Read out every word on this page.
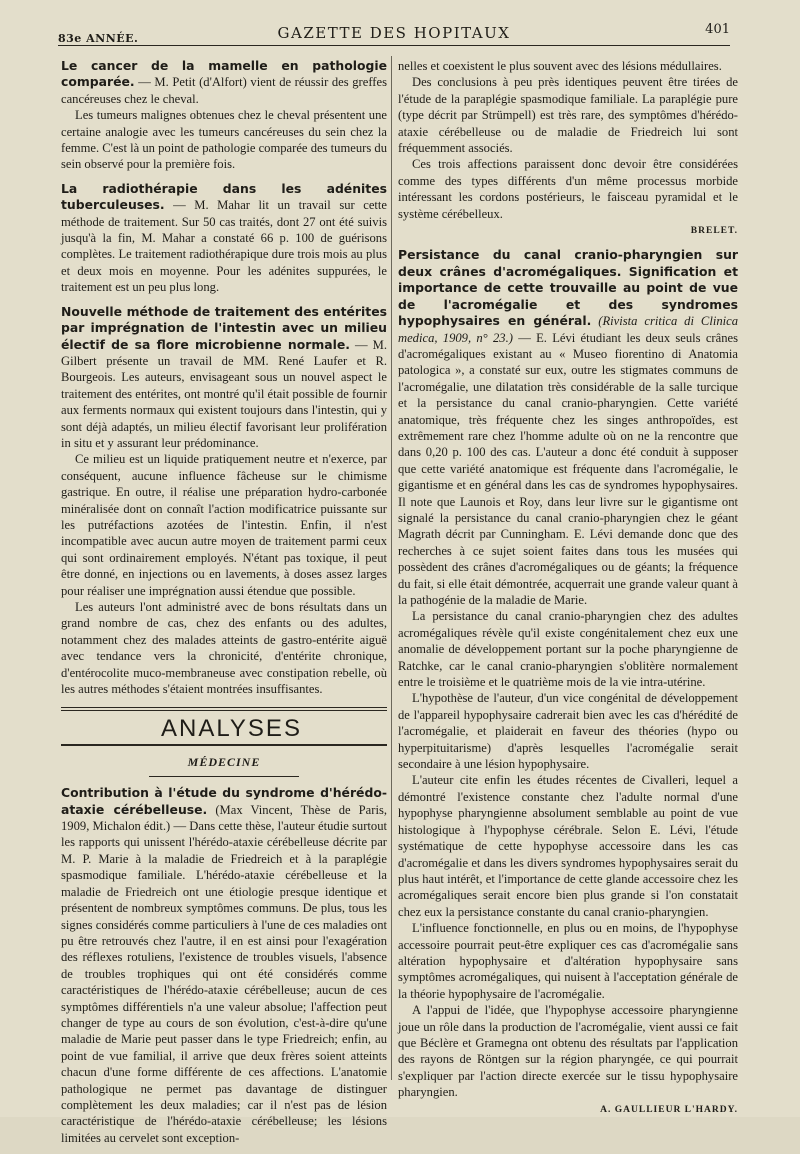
83e ANNÉE.	GAZETTE DES HOPITAUX	401

Le cancer de la mamelle en pathologie comparée. — M. Petit (d'Alfort) vient de réussir des greffes cancéreuses chez le cheval.

Les tumeurs malignes obtenues chez le cheval présentent une certaine analogie avec les tumeurs cancéreuses du sein chez la femme. C'est là un point de pathologie comparée des tumeurs du sein observé pour la première fois.

La radiothérapie dans les adénites tuberculeuses. — M. Mahar lit un travail sur cette méthode de traitement. Sur 50 cas traités, dont 27 ont été suivis jusqu'à la fin, M. Mahar a constaté 66 p. 100 de guérisons complètes. Le traitement radiothérapique dure trois mois au plus et deux mois en moyenne. Pour les adénites suppurées, le traitement est un peu plus long.

Nouvelle méthode de traitement des entérites par imprégnation de l'intestin avec un milieu électif de sa flore microbienne normale. — M. Gilbert présente un travail de MM. René Laufer et R. Bourgeois. Les auteurs, envisageant sous un nouvel aspect le traitement des entérites, ont montré qu'il était possible de fournir aux ferments normaux qui existent toujours dans l'intestin, qui y sont déjà adaptés, un milieu électif favorisant leur prolifération in situ et y assurant leur prédominance.

Ce milieu est un liquide pratiquement neutre et n'exerce, par conséquent, aucune influence fâcheuse sur le chimisme gastrique. En outre, il réalise une préparation hydro-carbonée minéralisée dont on connaît l'action modificatrice puissante sur les putréfactions azotées de l'intestin. Enfin, il n'est incompatible avec aucun autre moyen de traitement parmi ceux qui sont ordinairement employés. N'étant pas toxique, il peut être donné, en injections ou en lavements, à doses assez larges pour réaliser une imprégnation aussi étendue que possible.

Les auteurs l'ont administré avec de bons résultats dans un grand nombre de cas, chez des enfants ou des adultes, notamment chez des malades atteints de gastro-entérite aiguë avec tendance vers la chronicité, d'entérite chronique, d'entérocolite muco-membraneuse avec constipation rebelle, où les autres méthodes s'étaient montrées insuffisantes.

ANALYSES
MÉDECINE

Contribution à l'étude du syndrome d'hérédo-ataxie cérébelleuse. (Max Vincent, Thèse de Paris, 1909, Michalon édit.) — Dans cette thèse, l'auteur étudie surtout les rapports qui unissent l'hérédo-ataxie cérébelleuse décrite par M. P. Marie à la maladie de Friedreich et à la paraplégie spasmodique familiale. L'hérédo-ataxie cérébelleuse et la maladie de Friedreich ont une étiologie presque identique et présentent de nombreux symptômes communs. De plus, tous les signes considérés comme particuliers à l'une de ces maladies ont pu être retrouvés chez l'autre, il en est ainsi pour l'exagération des réflexes rotuliens, l'existence de troubles visuels, l'absence de troubles trophiques qui ont été considérés comme caractéristiques de l'hérédo-ataxie cérébelleuse; aucun de ces symptômes différentiels n'a une valeur absolue; l'affection peut changer de type au cours de son évolution, c'est-à-dire qu'une maladie de Marie peut passer dans le type Friedreich; enfin, au point de vue familial, il arrive que deux frères soient atteints chacun d'une forme différente de ces affections. L'anatomie pathologique ne permet pas davantage de distinguer complètement les deux maladies; car il n'est pas de lésion caractéristique de l'hérédo-ataxie cérébelleuse; les lésions limitées au cervelet sont exception-

nelles et coexistent le plus souvent avec des lésions médullaires.

Des conclusions à peu près identiques peuvent être tirées de l'étude de la paraplégie spasmodique familiale. La paraplégie pure (type décrit par Strümpell) est très rare, des symptômes d'hérédo-ataxie cérébelleuse ou de maladie de Friedreich lui sont fréquemment associés.

Ces trois affections paraissent donc devoir être considérées comme des types différents d'un même processus morbide intéressant les cordons postérieurs, le faisceau pyramidal et le système cérébelleux.

BRELET.

Persistance du canal cranio-pharyngien sur deux crânes d'acromégaliques. Signification et importance de cette trouvaille au point de vue de l'acromégalie et des syndromes hypophysaires en général. (Rivista critica di Clinica medica, 1909, n° 23.) — E. Lévi étudiant les deux seuls crânes d'acromégaliques existant au « Museo fiorentino di Anatomia patologica », a constaté sur eux, outre les stigmates communs de l'acromégalie, une dilatation très considérable de la salle turcique et la persistance du canal cranio-pharyngien. Cette variété anatomique, très fréquente chez les singes anthropoïdes, est extrêmement rare chez l'homme adulte où on ne la rencontre que dans 0,20 p. 100 des cas. L'auteur a donc été conduit à supposer que cette variété anatomique est fréquente dans l'acromégalie, le gigantisme et en général dans les cas de syndromes hypophysaires. Il note que Launois et Roy, dans leur livre sur le gigantisme ont signalé la persistance du canal cranio-pharyngien chez le géant Magrath décrit par Cunningham. E. Lévi demande donc que des recherches à ce sujet soient faites dans tous les musées qui possèdent des crânes d'acromégaliques ou de géants; la fréquence du fait, si elle était démontrée, acquerrait une grande valeur quant à la pathogénie de la maladie de Marie.

La persistance du canal cranio-pharyngien chez des adultes acromégaliques révèle qu'il existe congénitalement chez eux une anomalie de développement portant sur la poche pharyngienne de Ratchke, car le canal cranio-pharyngien s'oblitère normalement entre le troisième et le quatrième mois de la vie intra-utérine.

L'hypothèse de l'auteur, d'un vice congénital de développement de l'appareil hypophysaire cadrerait bien avec les cas d'hérédité de l'acromégalie, et plaiderait en faveur des théories (hypo ou hyperpituitarisme) d'après lesquelles l'acromégalie serait secondaire à une lésion hypophysaire.

L'auteur cite enfin les études récentes de Civalleri, lequel a démontré l'existence constante chez l'adulte normal d'une hypophyse pharyngienne absolument semblable au point de vue histologique à l'hypophyse cérébrale. Selon E. Lévi, l'étude systématique de cette hypophyse accessoire dans les cas d'acromégalie et dans les divers syndromes hypophysaires serait du plus haut intérêt, et l'importance de cette glande accessoire chez les acromégaliques serait encore bien plus grande si l'on constatait chez eux la persistance constante du canal cranio-pharyngien.

L'influence fonctionnelle, en plus ou en moins, de l'hypophyse accessoire pourrait peut-être expliquer ces cas d'acromégalie sans altération hypophysaire et d'altération hypophysaire sans symptômes acromégaliques, qui nuisent à l'acceptation générale de la théorie hypophysaire de l'acromégalie.

A l'appui de l'idée, que l'hypophyse accessoire pharyngienne joue un rôle dans la production de l'acromégalie, vient aussi ce fait que Béclère et Gramegna ont obtenu des résultats par l'application des rayons de Röntgen sur la région pharyngée, ce qui pourrait s'expliquer par l'action directe exercée sur le tissu hypophysaire pharyngien.

A. GAULLIEUR L'HARDY.
